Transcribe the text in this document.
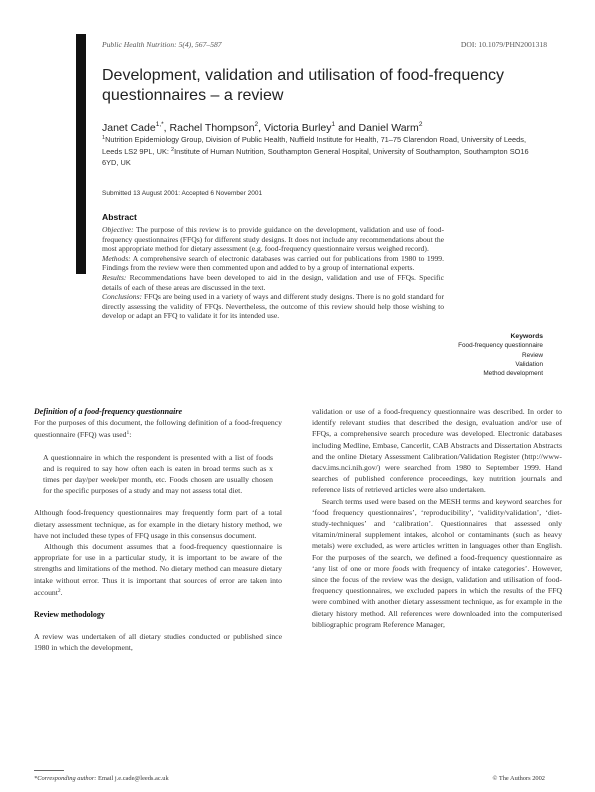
Public Health Nutrition: 5(4), 567–587	DOI: 10.1079/PHN2001318
Development, validation and utilisation of food-frequency questionnaires – a review

Janet Cade$^{1,*}$, Rachel Thompson$^2$, Victoria Burley$^1$ and Daniel Warm$^2$

$^1$Nutrition Epidemiology Group, Division of Public Health, Nuffield Institute for Health, 71–75 Clarendon Road, University of Leeds, Leeds LS2 9PL, UK: $^2$Institute of Human Nutrition, Southampton General Hospital, University of Southampton, Southampton SO16 6YD, UK

Submitted 13 August 2001: Accepted 6 November 2001
Abstract

Objective: The purpose of this review is to provide guidance on the development, validation and use of food-frequency questionnaires (FFQs) for different study designs. It does not include any recommendations about the most appropriate method for dietary assessment (e.g. food-frequency questionnaire versus weighed record).

Methods: A comprehensive search of electronic databases was carried out for publications from 1980 to 1999. Findings from the review were then commented upon and added to by a group of international experts.

Results: Recommendations have been developed to aid in the design, validation and use of FFQs. Specific details of each of these areas are discussed in the text.

Conclusions: FFQs are being used in a variety of ways and different study designs. There is no gold standard for directly assessing the validity of FFQs. Nevertheless, the outcome of this review should help those wishing to develop or adapt an FFQ to validate it for its intended use.

Keywords
Food-frequency questionnaire
Review
Validation
Method development

Definition of a food-frequency questionnaire

For the purposes of this document, the following definition of a food-frequency questionnaire (FFQ) was used$^1$:

A questionnaire in which the respondent is presented with a list of foods and is required to say how often each is eaten in broad terms such as x times per day/per week/per month, etc. Foods chosen are usually chosen for the specific purposes of a study and may not assess total diet.

Although food-frequency questionnaires may frequently form part of a total dietary assessment technique, as for example in the dietary history method, we have not included these types of FFQ usage in this consensus document.

Although this document assumes that a food-frequency questionnaire is appropriate for use in a particular study, it is important to be aware of the strengths and limitations of the method. No dietary method can measure dietary intake without error. Thus it is important that sources of error are taken into account$^2$.

Review methodology

A review was undertaken of all dietary studies conducted or published since 1980 in which the development,

validation or use of a food-frequency questionnaire was described. In order to identify relevant studies that described the design, evaluation and/or use of FFQs, a comprehensive search procedure was developed. Electronic databases including Medline, Embase, Cancerlit, CAB Abstracts and Dissertation Abstracts and the online Dietary Assessment Calibration/Validation Register (http://www-dacv.ims.nci.nih.gov/) were searched from 1980 to September 1999. Hand searches of published conference proceedings, key nutrition journals and reference lists of retrieved articles were also undertaken.

Search terms used were based on the MESH terms and keyword searches for ‘food frequency questionnaires’, ‘reproducibility’, ‘validity/validation’, ‘diet-study-techniques’ and ‘calibration’. Questionnaires that assessed only vitamin/mineral supplement intakes, alcohol or contaminants (such as heavy metals) were excluded, as were articles written in languages other than English. For the purposes of the search, we defined a food-frequency questionnaire as ‘any list of one or more foods with frequency of intake categories’. However, since the focus of the review was the design, validation and utilisation of food-frequency questionnaires, we excluded papers in which the results of the FFQ were combined with another dietary assessment technique, as for example in the dietary history method. All references were downloaded into the computerised bibliographic program Reference Manager,

*Corresponding author: Email j.e.cade@leeds.ac.uk	© The Authors 2002
